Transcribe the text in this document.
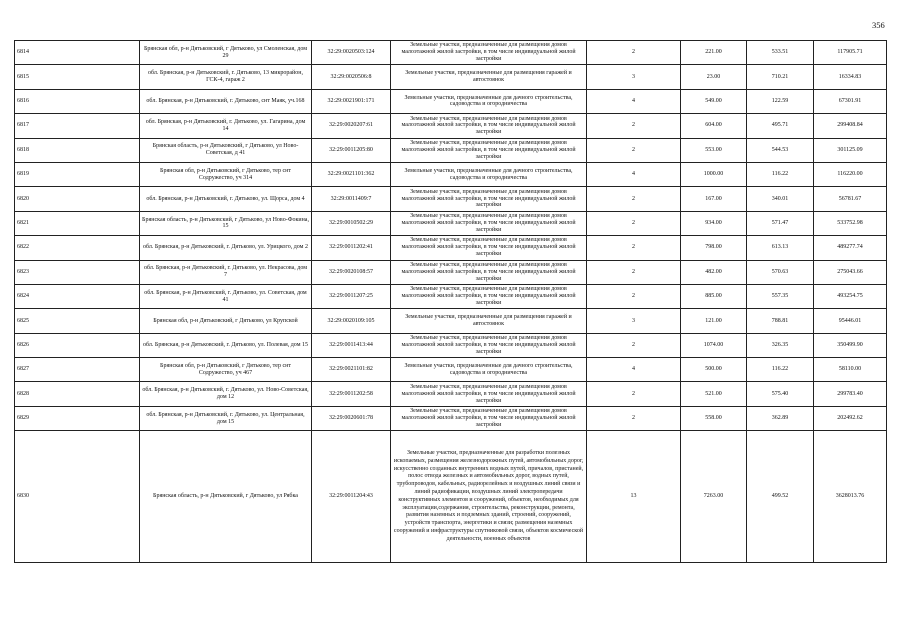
356
6814	Брянская обл, р-н Дятьковский, г Дятьково, ул Смоленская, дом 29	32:29:0020503:124	Земельные участки, предназначенные для размещения домов малоэтажной жилой застройки, в том числе индивидуальной жилой застройки	2	221.00	533.51	117905.71
6815	обл. Брянская, р-н Дятьковский, г. Дятьково, 13 микрорайон, ГСК-4, гараж 2	32:29:0020506:8	Земельные участки, предназначенные для размещения гаражей и автостоянок	3	23.00	710.21	16334.83
6816	обл. Брянская, р-н Дятьковский, г. Дятьково, снт Маяк, уч.168	32:29:0021901:171	Земельные участки, предназначенные для дачного строительства, садоводства и огородничества	4	549.00	122.59	67301.91
6817	обл. Брянская, р-н Дятьковский, г. Дятьково, ул. Гагарина, дом 14	32:29:0020207:61	Земельные участки, предназначенные для размещения домов малоэтажной жилой застройки, в том числе индивидуальной жилой застройки	2	604.00	495.71	299408.84
6818	Брянская область, р-н Дятьковский, г Дятьково, ул Ново-Советская, д 41	32:29:0011205:80	Земельные участки, предназначенные для размещения домов малоэтажной жилой застройки, в том числе индивидуальной жилой застройки	2	553.00	544.53	301125.09
6819	Брянская обл, р-н Дятьковский, г Дятьково, тер снт Содружество, уч 314	32:29:0021101:362	Земельные участки, предназначенные для дачного строительства, садоводства и огородничества	4	1000.00	116.22	116220.00
6820	обл. Брянская, р-н Дятьковский, г. Дятьково, ул. Щорса, дом 4	32:29:0011409:7	Земельные участки, предназначенные для размещения домов малоэтажной жилой застройки, в том числе индивидуальной жилой застройки	2	167.00	340.01	56781.67
6821	Брянская область, р-н Дятьковский, г Дятьково, ул Ново-Фокина, 15	32:29:0010502:29	Земельные участки, предназначенные для размещения домов малоэтажной жилой застройки, в том числе индивидуальной жилой застройки	2	934.00	571.47	533752.98
6822	обл. Брянская, р-н Дятьковский, г. Дятьково, ул. Урицкого, дом 2	32:29:0011202:41	Земельные участки, предназначенные для размещения домов малоэтажной жилой застройки, в том числе индивидуальной жилой застройки	2	798.00	613.13	489277.74
6823	обл. Брянская, р-н Дятьковский, г. Дятьково, ул. Некрасова, дом 7	32:29:0020108:57	Земельные участки, предназначенные для размещения домов малоэтажной жилой застройки, в том числе индивидуальной жилой застройки	2	482.00	570.63	275043.66
6824	обл. Брянская, р-н Дятьковский, г. Дятьково, ул. Советская, дом 41	32:29:0011207:25	Земельные участки, предназначенные для размещения домов малоэтажной жилой застройки, в том числе индивидуальной жилой застройки	2	885.00	557.35	493254.75
6825	Брянская обл, р-н Дятьковский, г Дятьково, ул Крупской	32:29:0020109:105	Земельные участки, предназначенные для размещения гаражей и автостоянок	3	121.00	788.81	95446.01
6826	обл. Брянская, р-н Дятьковский, г. Дятьково, ул. Полевая, дом 15	32:29:0011413:44	Земельные участки, предназначенные для размещения домов малоэтажной жилой застройки, в том числе индивидуальной жилой застройки	2	1074.00	326.35	350499.90
6827	Брянская обл, р-н Дятьковский, г Дятьково, тер снт Содружество, уч 467	32:29:0021101:82	Земельные участки, предназначенные для дачного строительства, садоводства и огородничества	4	500.00	116.22	58110.00
6828	обл. Брянская, р-н Дятьковский, г. Дятьково, ул. Ново-Советская, дом 12	32:29:0011202:58	Земельные участки, предназначенные для размещения домов малоэтажной жилой застройки, в том числе индивидуальной жилой застройки	2	521.00	575.40	299783.40
6829	обл. Брянская, р-н Дятьковский, г. Дятьково, ул. Центральная, дом 15	32:29:0020601:78	Земельные участки, предназначенные для размещения домов малоэтажной жилой застройки, в том числе индивидуальной жилой застройки	2	558.00	362.89	202492.62
6830	Брянская область, р-н Дятьковский, г Дятьково, ул Рябка	32:29:0011204:43	Земельные участки, предназначенные для разработки полезных ископаемых, размещения железнодорожных путей, автомобильных дорог, искусственно созданных внутренних водных путей, причалов, пристаней, полос отвода железных и автомобильных дорог, водных путей, трубопроводов, кабельных, радиорелейных и воздушных линий связи и линий радиофикации, воздушных линий электропередачи конструктивных элементов и сооружений, объектов, необходимых для эксплуатации,содержания, строительства, реконструкции, ремонта, развития наземных и подземных зданий, строений, сооружений, устройств транспорта, энергетики и связи; размещения наземных сооружений и инфраструктуры спутниковой связи, объектов космической деятельности, военных объектов	13	7263.00	499.52	3628013.76
